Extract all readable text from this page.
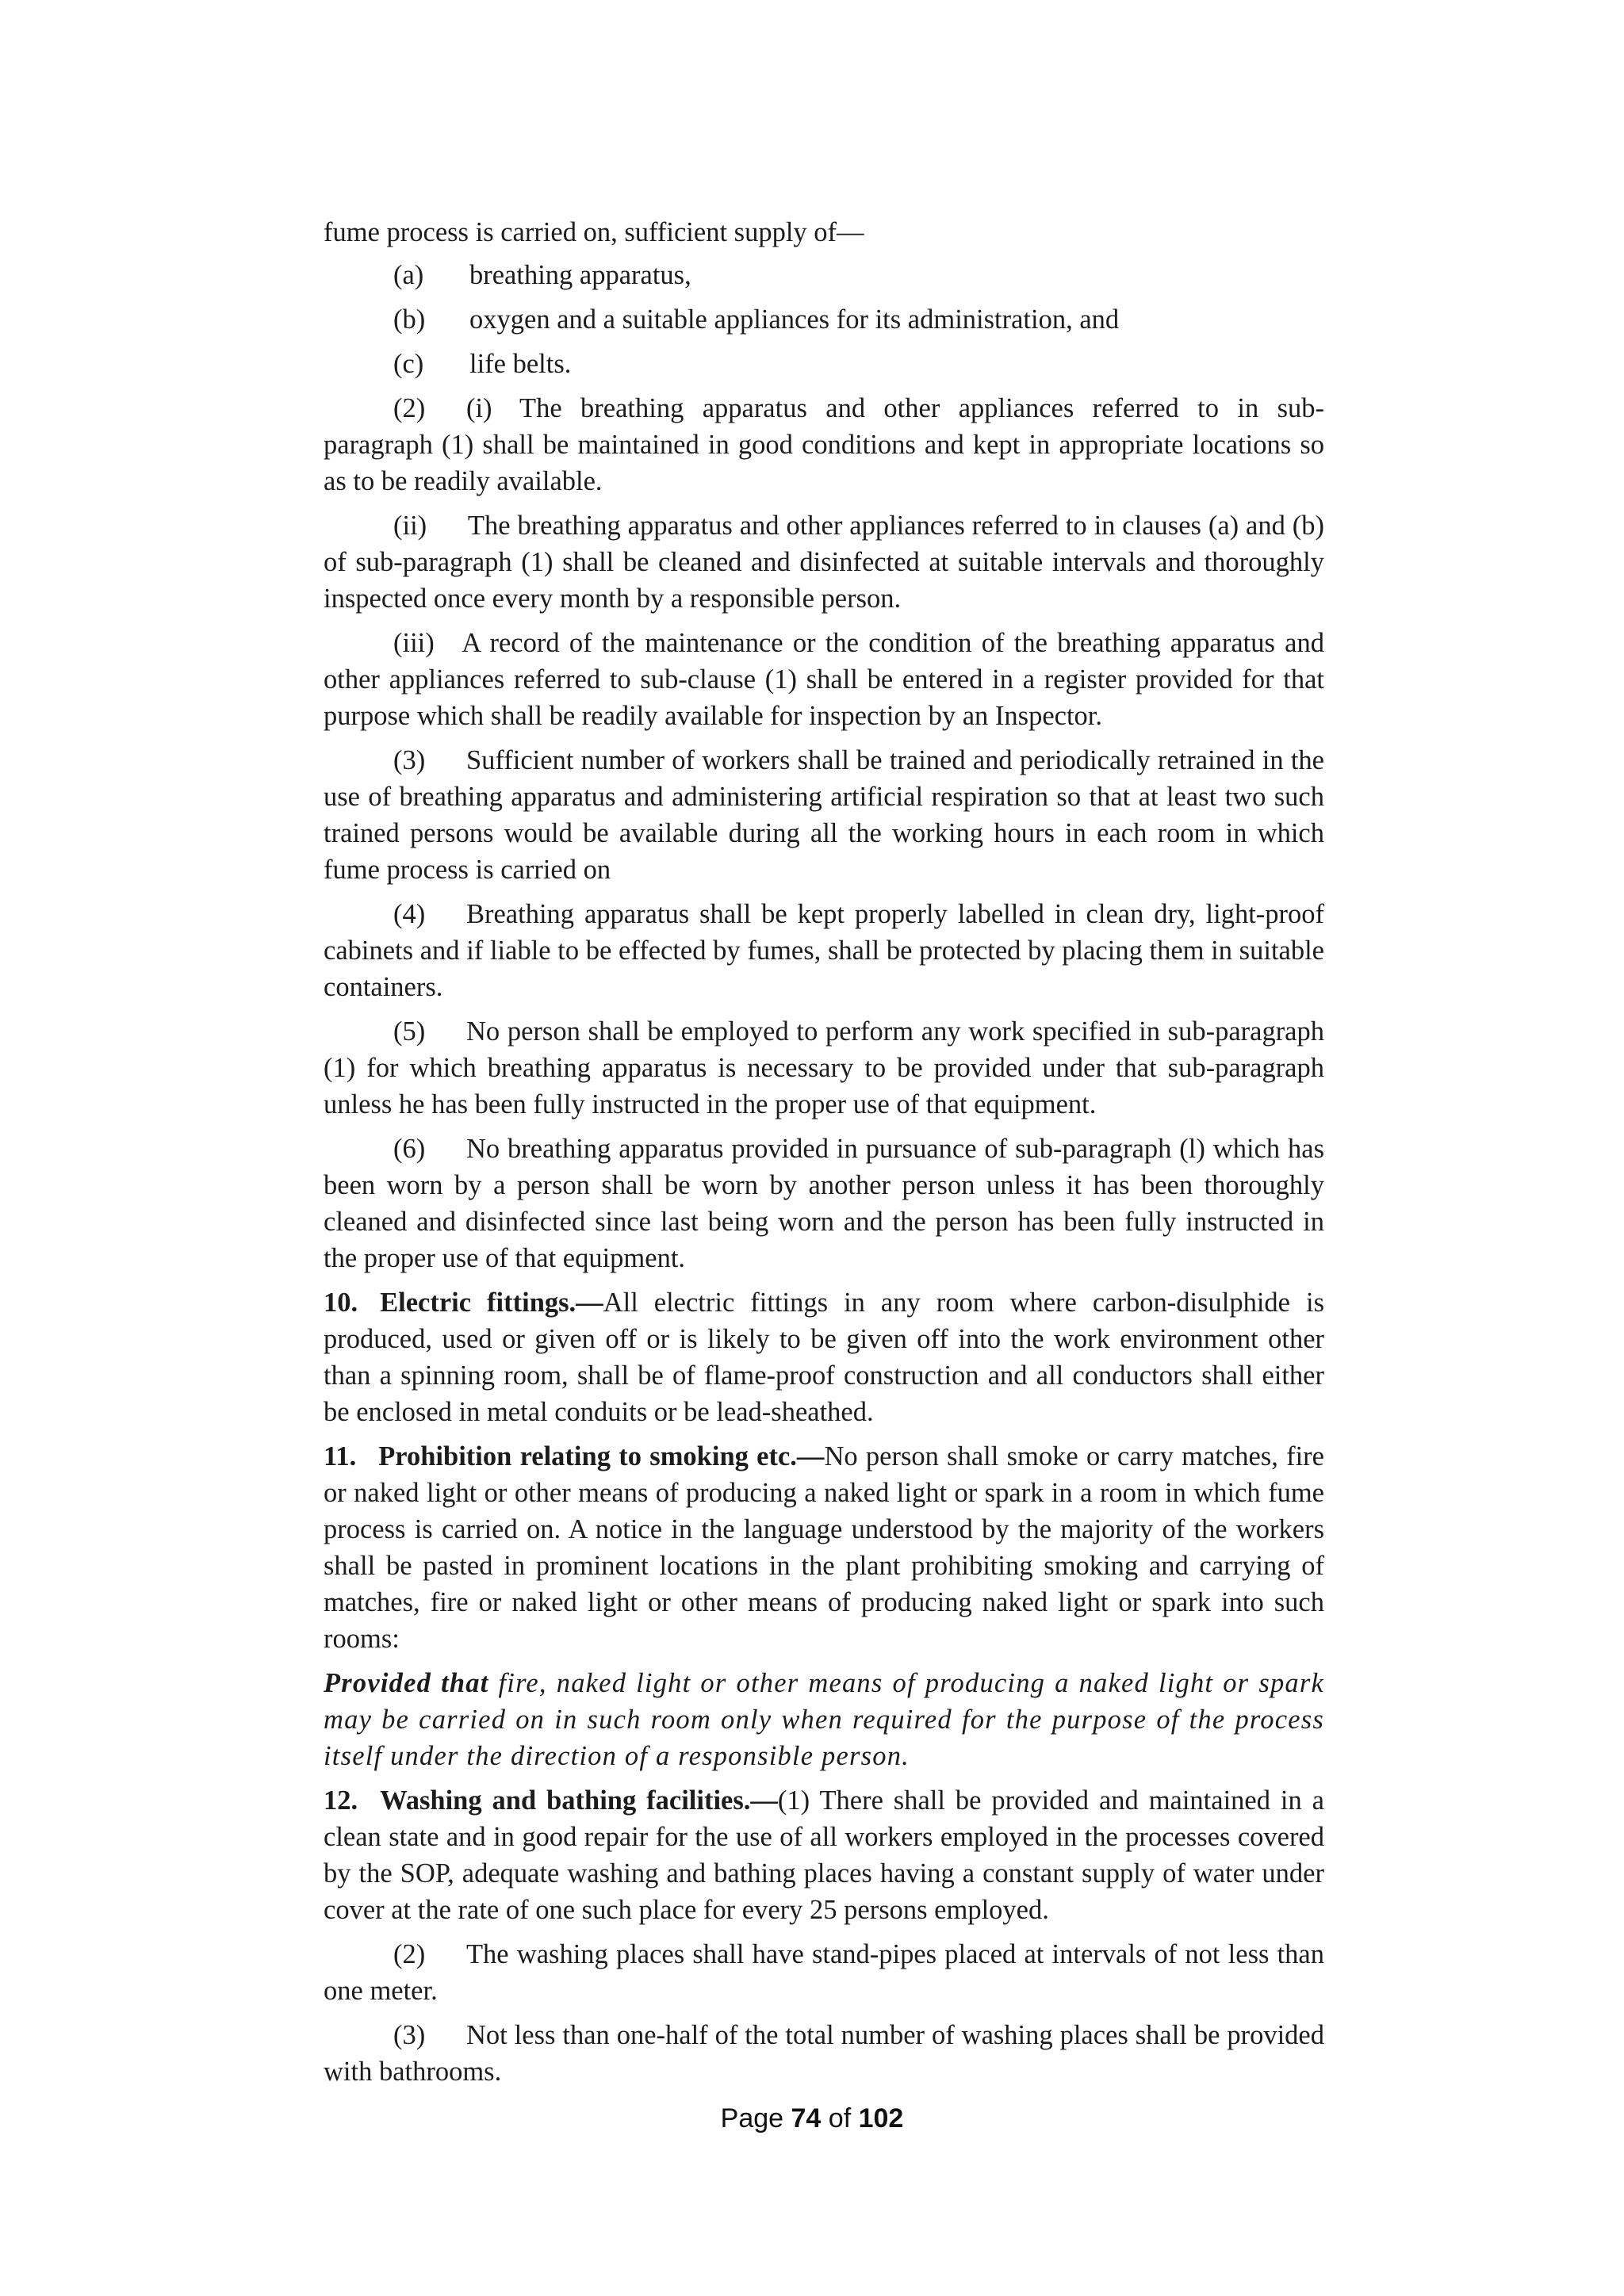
fume process is carried on, sufficient supply of—

(a)	breathing apparatus,
(b)	oxygen and a suitable appliances for its administration, and
(c)	life belts.

(2)  (i) The breathing apparatus and other appliances referred to in sub-paragraph (1) shall be maintained in good conditions and kept in appropriate locations so as to be readily available.

(ii)  The breathing apparatus and other appliances referred to in clauses (a) and (b) of sub-paragraph (1) shall be cleaned and disinfected at suitable intervals and thoroughly inspected once every month by a responsible person.

(iii) A record of the maintenance or the condition of the breathing apparatus and other appliances referred to sub-clause (1) shall be entered in a register provided for that purpose which shall be readily available for inspection by an Inspector.

(3)  Sufficient number of workers shall be trained and periodically retrained in the use of breathing apparatus and administering artificial respiration so that at least two such trained persons would be available during all the working hours in each room in which fume process is carried on

(4)  Breathing apparatus shall be kept properly labelled in clean dry, light-proof cabinets and if liable to be effected by fumes, shall be protected by placing them in suitable containers.

(5)  No person shall be employed to perform any work specified in sub-paragraph (1) for which breathing apparatus is necessary to be provided under that sub-paragraph unless he has been fully instructed in the proper use of that equipment.

(6)  No breathing apparatus provided in pursuance of sub-paragraph (l) which has been worn by a person shall be worn by another person unless it has been thoroughly cleaned and disinfected since last being worn and the person has been fully instructed in the proper use of that equipment.

10. Electric fittings.—All electric fittings in any room where carbon-disulphide is produced, used or given off or is likely to be given off into the work environment other than a spinning room, shall be of flame-proof construction and all conductors shall either be enclosed in metal conduits or be lead-sheathed.

11. Prohibition relating to smoking etc.—No person shall smoke or carry matches, fire or naked light or other means of producing a naked light or spark in a room in which fume process is carried on. A notice in the language understood by the majority of the workers shall be pasted in prominent locations in the plant prohibiting smoking and carrying of matches, fire or naked light or other means of producing naked light or spark into such rooms:

Provided that fire, naked light or other means of producing a naked light or spark may be carried on in such room only when required for the purpose of the process itself under the direction of a responsible person.

12. Washing and bathing facilities.—(1) There shall be provided and maintained in a clean state and in good repair for the use of all workers employed in the processes covered by the SOP, adequate washing and bathing places having a constant supply of water under cover at the rate of one such place for every 25 persons employed.

(2)  The washing places shall have stand-pipes placed at intervals of not less than one meter.

(3)  Not less than one-half of the total number of washing places shall be provided with bathrooms.

Page 74 of 102
